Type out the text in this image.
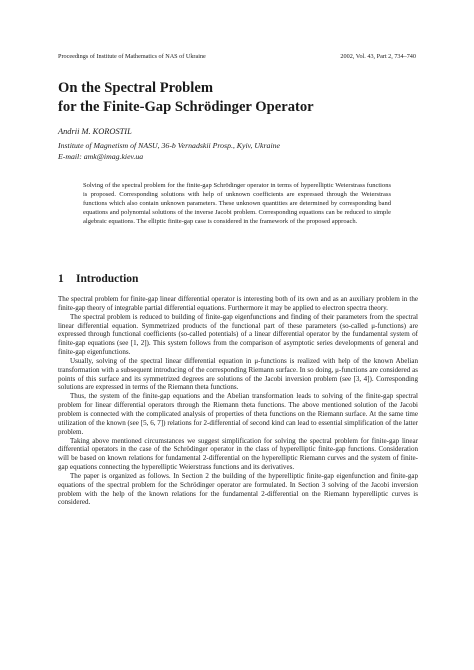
Proceedings of Institute of Mathematics of NAS of Ukraine	2002, Vol. 43, Part 2, 734–740
On the Spectral Problem
for the Finite-Gap Schrödinger Operator
Andrii M. KOROSTIL
Institute of Magnetism of NASU, 36-b Vernadskii Prosp., Kyiv, Ukraine
E-mail: amk@imag.kiev.ua
Solving of the spectral problem for the finite-gap Schrödinger operator in terms of hyperelliptic Weierstrass functions is proposed. Corresponding solutions with help of unknown coefficients are expressed through the Weierstrass functions which also contain unknown parameters. These unknown quantities are determined by corresponding band equations and polynomial solutions of the inverse Jacobi problem. Corresponding equations can be reduced to simple algebraic equations. The elliptic finite-gap case is considered in the framework of the proposed approach.
1 Introduction

The spectral problem for finite-gap linear differential operator is interesting both of its own and as an auxiliary problem in the finite-gap theory of integrable partial differential equations. Furthermore it may be applied to electron spectra theory.

The spectral problem is reduced to building of finite-gap eigenfunctions and finding of their parameters from the spectral linear differential equation. Symmetrized products of the functional part of these parameters (so-called μ-functions) are expressed through functional coefficients (so-called potentials) of a linear differential operator by the fundamental system of finite-gap equations (see [1, 2]). This system follows from the comparison of asymptotic series developments of general and finite-gap eigenfunctions.

Usually, solving of the spectral linear differential equation in μ-functions is realized with help of the known Abelian transformation with a subsequent introducing of the corresponding Riemann surface. In so doing, μ-functions are considered as points of this surface and its symmetrized degrees are solutions of the Jacobi inversion problem (see [3, 4]). Corresponding solutions are expressed in terms of the Riemann theta functions.

Thus, the system of the finite-gap equations and the Abelian transformation leads to solving of the finite-gap spectral problem for linear differential operators through the Riemann theta functions. The above mentioned solution of the Jacobi problem is connected with the complicated analysis of properties of theta functions on the Riemann surface. At the same time utilization of the known (see [5, 6, 7]) relations for 2-differential of second kind can lead to essential simplification of the latter problem.

Taking above mentioned circumstances we suggest simplification for solving the spectral problem for finite-gap linear differential operators in the case of the Schrödinger operator in the class of hyperelliptic finite-gap functions. Consideration will be based on known relations for fundamental 2-differential on the hyperelliptic Riemann curves and the system of finite-gap equations connecting the hyperelliptic Weierstrass functions and its derivatives.

The paper is organized as follows. In Section 2 the building of the hyperelliptic finite-gap eigenfunction and finite-gap equations of the spectral problem for the Schrödinger operator are formulated. In Section 3 solving of the Jacobi inversion problem with the help of the known relations for the fundamental 2-differential on the Riemann hyperelliptic curves is considered.
